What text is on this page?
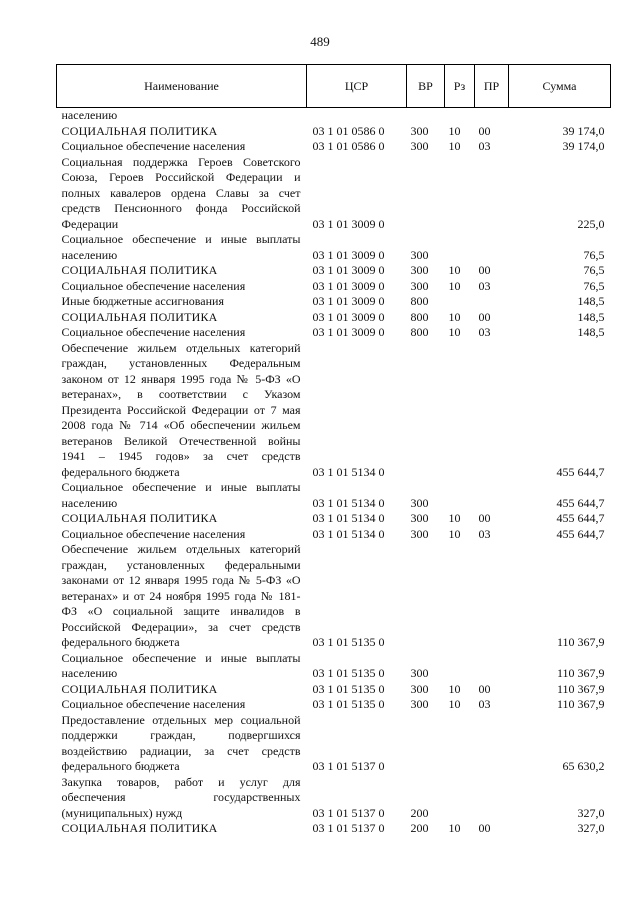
489
Наименование	ЦСР	ВР	Рз	ПР	Сумма
населению					
СОЦИАЛЬНАЯ ПОЛИТИКА	03 1 01 0586 0	300	10	00	39 174,0
Социальное обеспечение населения	03 1 01 0586 0	300	10	03	39 174,0
Социальная поддержка Героев Советского Союза, Героев Российской Федерации и полных кавалеров ордена Славы за счет средств Пенсионного фонда Российской Федерации	03 1 01 3009 0				225,0
Социальное обеспечение и иные выплаты населению	03 1 01 3009 0	300			76,5
СОЦИАЛЬНАЯ ПОЛИТИКА	03 1 01 3009 0	300	10	00	76,5
Социальное обеспечение населения	03 1 01 3009 0	300	10	03	76,5
Иные бюджетные ассигнования	03 1 01 3009 0	800			148,5
СОЦИАЛЬНАЯ ПОЛИТИКА	03 1 01 3009 0	800	10	00	148,5
Социальное обеспечение населения	03 1 01 3009 0	800	10	03	148,5
Обеспечение жильем отдельных категорий граждан, установленных Федеральным законом от 12 января 1995 года № 5-ФЗ «О ветеранах», в соответствии с Указом Президента Российской Федерации от 7 мая 2008 года № 714 «Об обеспечении жильем ветеранов Великой Отечественной войны 1941 – 1945 годов» за счет средств федерального бюджета	03 1 01 5134 0				455 644,7
Социальное обеспечение и иные выплаты населению	03 1 01 5134 0	300			455 644,7
СОЦИАЛЬНАЯ ПОЛИТИКА	03 1 01 5134 0	300	10	00	455 644,7
Социальное обеспечение населения	03 1 01 5134 0	300	10	03	455 644,7
Обеспечение жильем отдельных категорий граждан, установленных федеральными законами от 12 января 1995 года № 5-ФЗ «О ветеранах» и от 24 ноября 1995 года № 181-ФЗ «О социальной защите инвалидов в Российской Федерации», за счет средств федерального бюджета	03 1 01 5135 0				110 367,9
Социальное обеспечение и иные выплаты населению	03 1 01 5135 0	300			110 367,9
СОЦИАЛЬНАЯ ПОЛИТИКА	03 1 01 5135 0	300	10	00	110 367,9
Социальное обеспечение населения	03 1 01 5135 0	300	10	03	110 367,9
Предоставление отдельных мер социальной поддержки граждан, подвергшихся воздействию радиации, за счет средств федерального бюджета	03 1 01 5137 0				65 630,2
Закупка товаров, работ и услуг для обеспечения государственных (муниципальных) нужд	03 1 01 5137 0	200			327,0
СОЦИАЛЬНАЯ ПОЛИТИКА	03 1 01 5137 0	200	10	00	327,0
